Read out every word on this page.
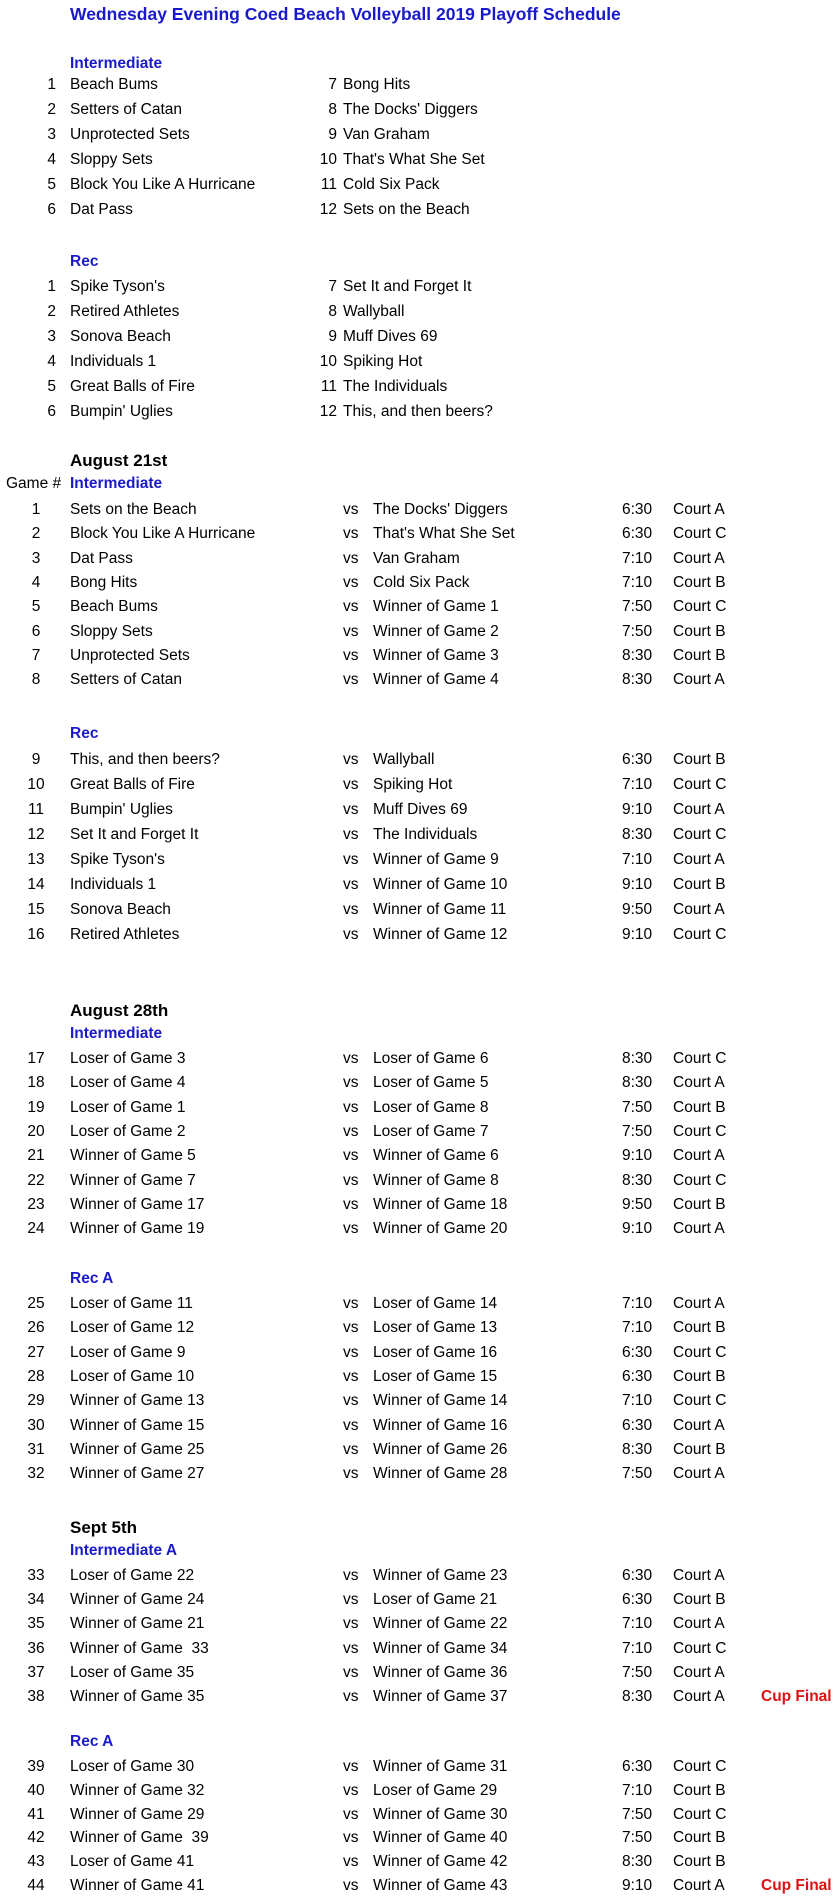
Wednesday Evening Coed Beach Volleyball 2019 Playoff Schedule
Intermediate
1 Beach Bums	7 Bong Hits
2 Setters of Catan	8 The Docks' Diggers
3 Unprotected Sets	9 Van Graham
4 Sloppy Sets	10 That's What She Set
5 Block You Like A Hurricane	11 Cold Six Pack
6 Dat Pass	12 Sets on the Beach
Rec
1 Spike Tyson's	7 Set It and Forget It
2 Retired Athletes	8 Wallyball
3 Sonova Beach	9 Muff Dives 69
4 Individuals 1	10 Spiking Hot
5 Great Balls of Fire	11 The Individuals
6 Bumpin' Uglies	12 This, and then beers?
Game #
August 21st
Intermediate
1	Sets on the Beach	vs The Docks' Diggers	6:30 Court A
2	Block You Like A Hurricane	vs That's What She Set	6:30 Court C
3	Dat Pass	vs Van Graham	7:10 Court A
4	Bong Hits	vs Cold Six Pack	7:10 Court B
5	Beach Bums	vs Winner of Game 1	7:50 Court C
6	Sloppy Sets	vs Winner of Game 2	7:50 Court B
7	Unprotected Sets	vs Winner of Game 3	8:30 Court B
8	Setters of Catan	vs Winner of Game 4	8:30 Court A
Rec
9	This, and then beers?	vs Wallyball	6:30 Court B
10	Great Balls of Fire	vs Spiking Hot	7:10 Court C
11	Bumpin' Uglies	vs Muff Dives 69	9:10 Court A
12	Set It and Forget It	vs The Individuals	8:30 Court C
13	Spike Tyson's	vs Winner of Game 9	7:10 Court A
14	Individuals 1	vs Winner of Game 10	9:10 Court B
15	Sonova Beach	vs Winner of Game 11	9:50 Court A
16	Retired Athletes	vs Winner of Game 12	9:10 Court C
August 28th
Intermediate
17	Loser of Game 3	vs Loser of Game 6	8:30 Court C
18	Loser of Game 4	vs Loser of Game 5	8:30 Court A
19	Loser of Game 1	vs Loser of Game 8	7:50 Court B
20	Loser of Game 2	vs Loser of Game 7	7:50 Court C
21	Winner of Game 5	vs Winner of Game 6	9:10 Court A
22	Winner of Game 7	vs Winner of Game 8	8:30 Court C
23	Winner of Game 17	vs Winner of Game 18	9:50 Court B
24	Winner of Game 19	vs Winner of Game 20	9:10 Court A
Rec A
25	Loser of Game 11	vs Loser of Game 14	7:10 Court A
26	Loser of Game 12	vs Loser of Game 13	7:10 Court B
27	Loser of Game 9	vs Loser of Game 16	6:30 Court C
28	Loser of Game 10	vs Loser of Game 15	6:30 Court B
29	Winner of Game 13	vs Winner of Game 14	7:10 Court C
30	Winner of Game 15	vs Winner of Game 16	6:30 Court A
31	Winner of Game 25	vs Winner of Game 26	8:30 Court B
32	Winner of Game 27	vs Winner of Game 28	7:50 Court A
Sept 5th
Intermediate A
33	Loser of Game 22	vs Winner of Game 23	6:30 Court A
34	Winner of Game 24	vs Loser of Game 21	6:30 Court B
35	Winner of Game 21	vs Winner of Game 22	7:10 Court A
36	Winner of Game  33	vs Winner of Game 34	7:10 Court C
37	Loser of Game 35	vs Winner of Game 36	7:50 Court A
38	Winner of Game 35	vs Winner of Game 37	8:30 Court A Cup Final
Rec A
39	Loser of Game 30	vs Winner of Game 31	6:30 Court C
40	Winner of Game 32	vs Loser of Game 29	7:10 Court B
41	Winner of Game 29	vs Winner of Game 30	7:50 Court C
42	Winner of Game  39	vs Winner of Game 40	7:50 Court B
43	Loser of Game 41	vs Winner of Game 42	8:30 Court B
44	Winner of Game 41	vs Winner of Game 43	9:10 Court A Cup Final
